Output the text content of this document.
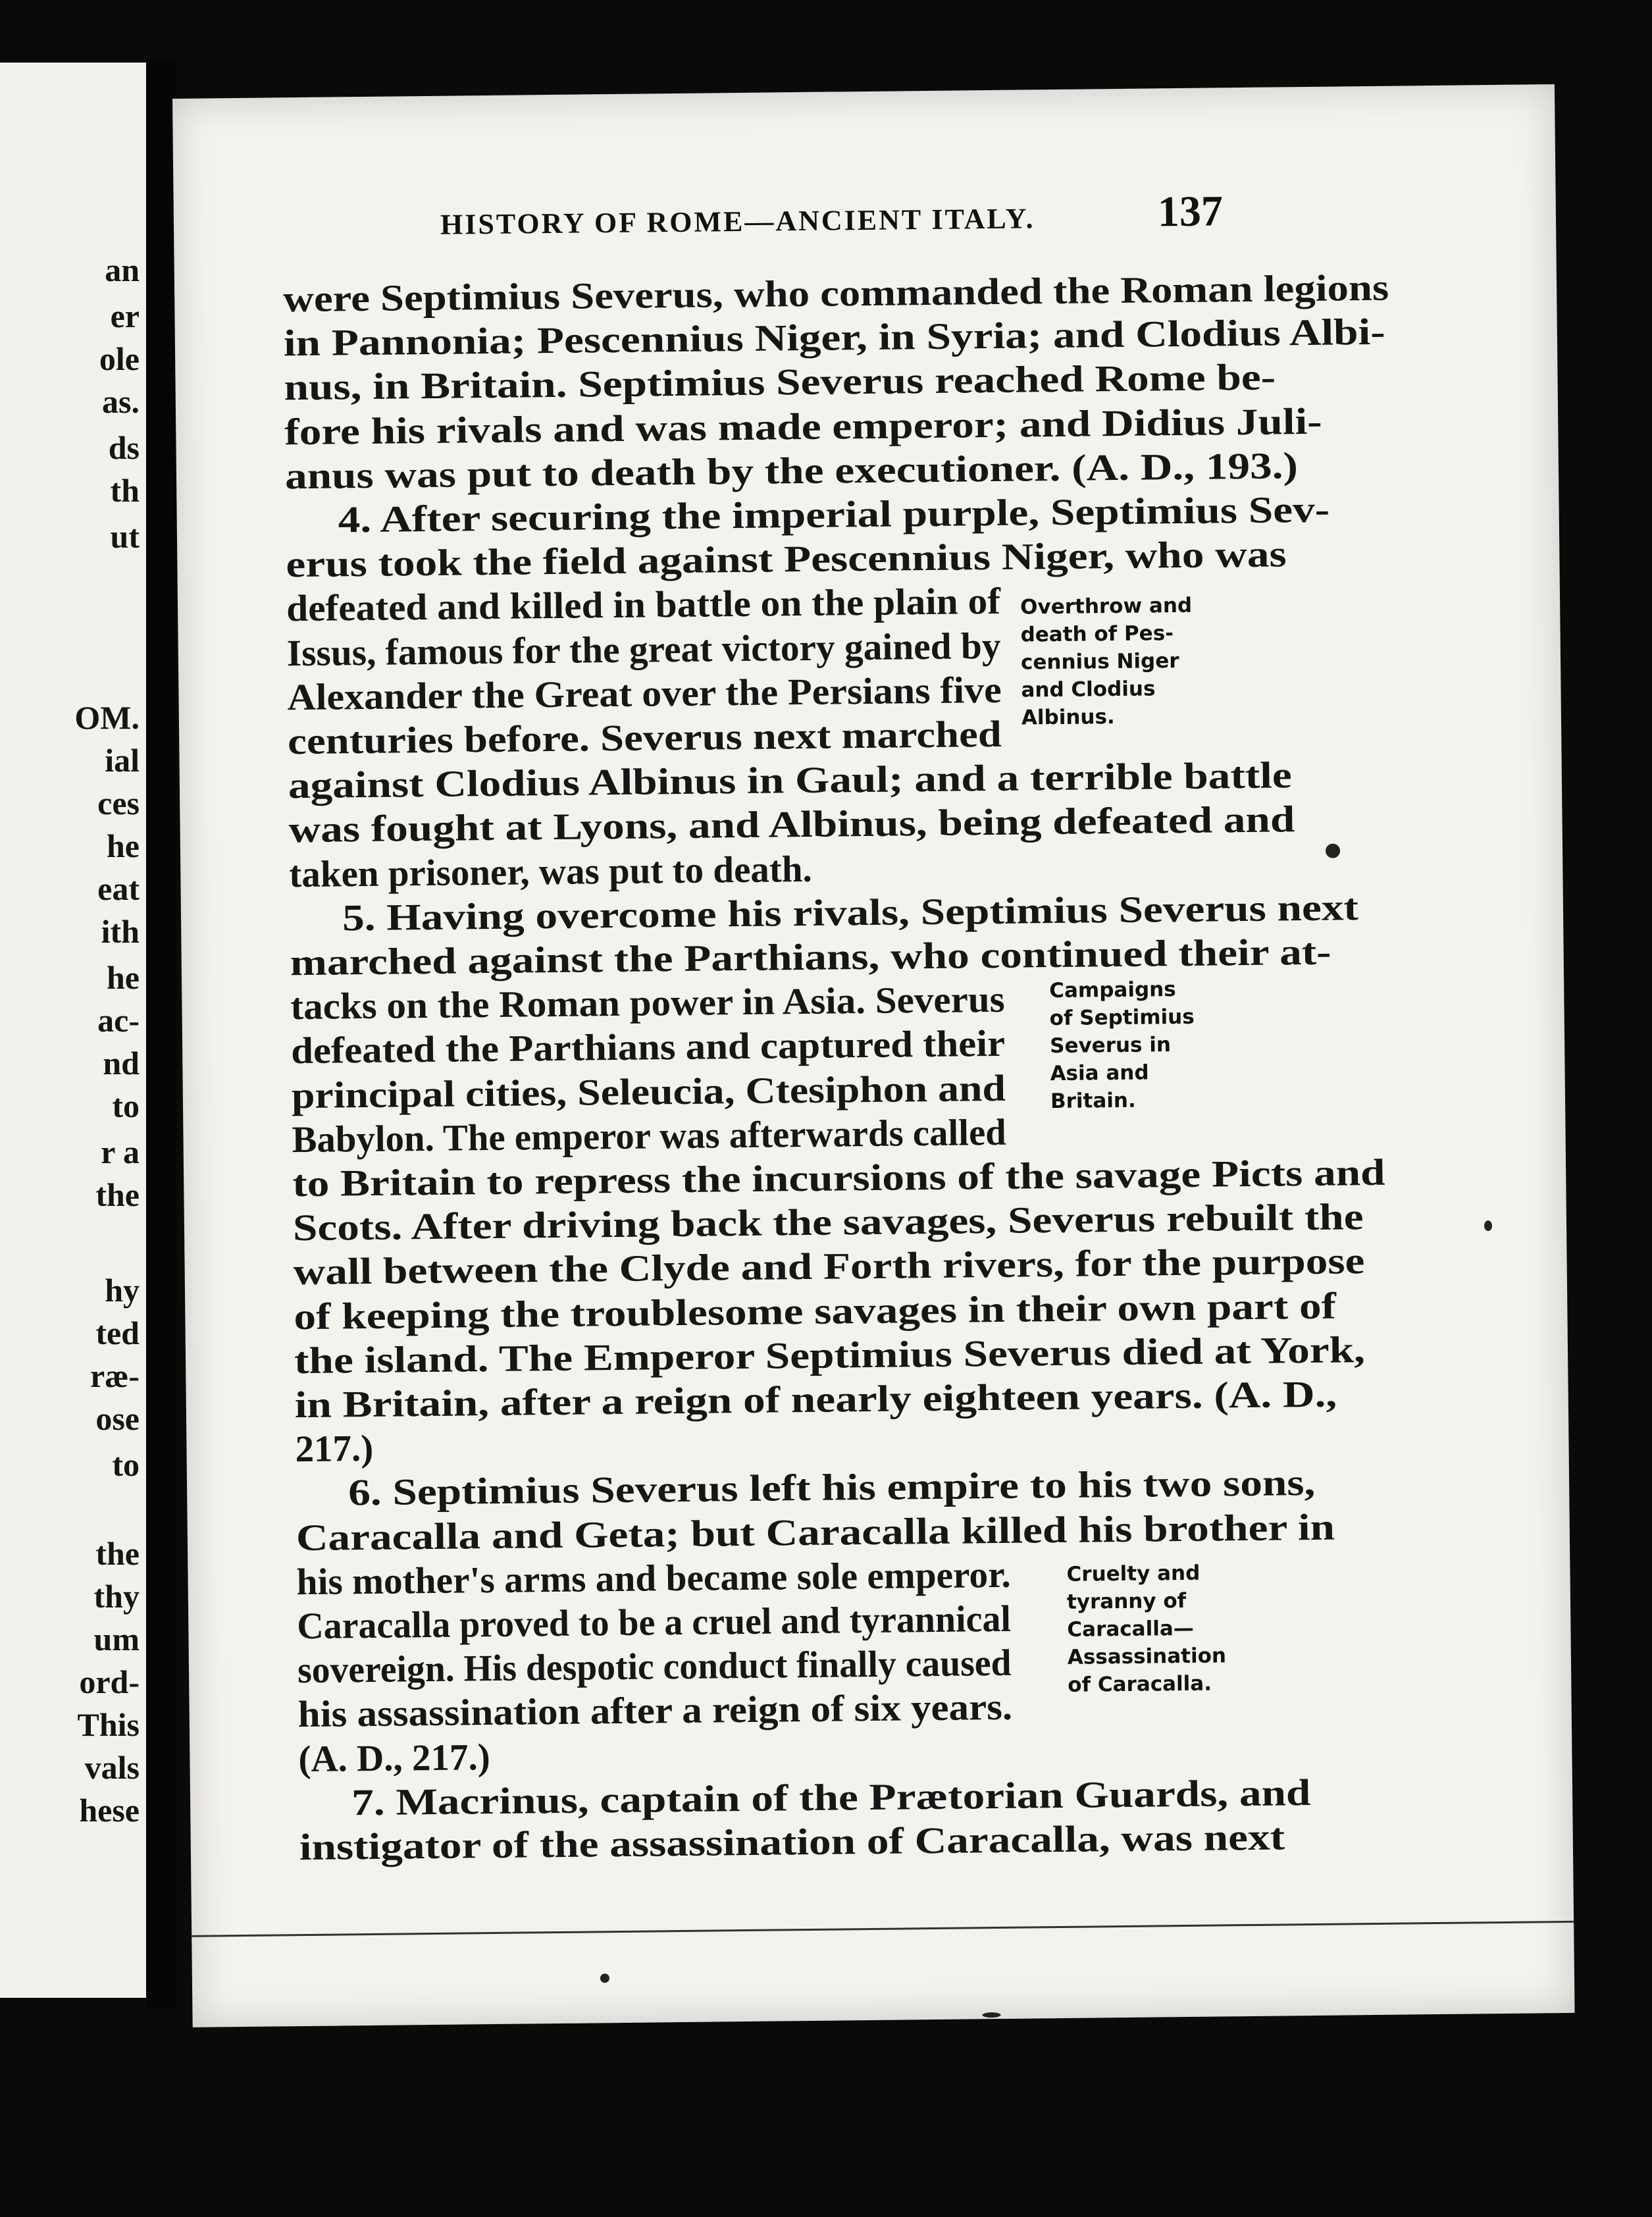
an
er
ole
as.
ds
th
ut
OM.
ial
ces
he
eat
ith
he
ac-
nd
to
r a
the
hy
ted
ræ-
ose
to
the
thy
um
ord-
This
vals
hese
HISTORY OF ROME—ANCIENT ITALY.	137
Overthrow and
death of Pes-
cennius Niger
and Clodius
Albinus.
Campaigns
of Septimius
Severus in
Asia and
Britain.
Cruelty and
tyranny of
Caracalla—
Assassination
of Caracalla.
were Septimius Severus, who commanded the Roman legions
in Pannonia; Pescennius Niger, in Syria; and Clodius Albi-
nus, in Britain. Septimius Severus reached Rome be-
fore his rivals and was made emperor; and Didius Juli-
anus was put to death by the executioner. (A. D., 193.)
4. After securing the imperial purple, Septimius Sev-
erus took the field against Pescennius Niger, who was
defeated and killed in battle on the plain of
Issus, famous for the great victory gained by
Alexander the Great over the Persians five
centuries before. Severus next marched
against Clodius Albinus in Gaul; and a terrible battle
was fought at Lyons, and Albinus, being defeated and
taken prisoner, was put to death.
5. Having overcome his rivals, Septimius Severus next
marched against the Parthians, who continued their at-
tacks on the Roman power in Asia. Severus
defeated the Parthians and captured their
principal cities, Seleucia, Ctesiphon and
Babylon. The emperor was afterwards called
to Britain to repress the incursions of the savage Picts and
Scots. After driving back the savages, Severus rebuilt the
wall between the Clyde and Forth rivers, for the purpose
of keeping the troublesome savages in their own part of
the island. The Emperor Septimius Severus died at York,
in Britain, after a reign of nearly eighteen years. (A. D.,
217.)
6. Septimius Severus left his empire to his two sons,
Caracalla and Geta; but Caracalla killed his brother in
his mother's arms and became sole emperor.
Caracalla proved to be a cruel and tyrannical
sovereign. His despotic conduct finally caused
his assassination after a reign of six years.
(A. D., 217.)
7. Macrinus, captain of the Prætorian Guards, and
instigator of the assassination of Caracalla, was next
